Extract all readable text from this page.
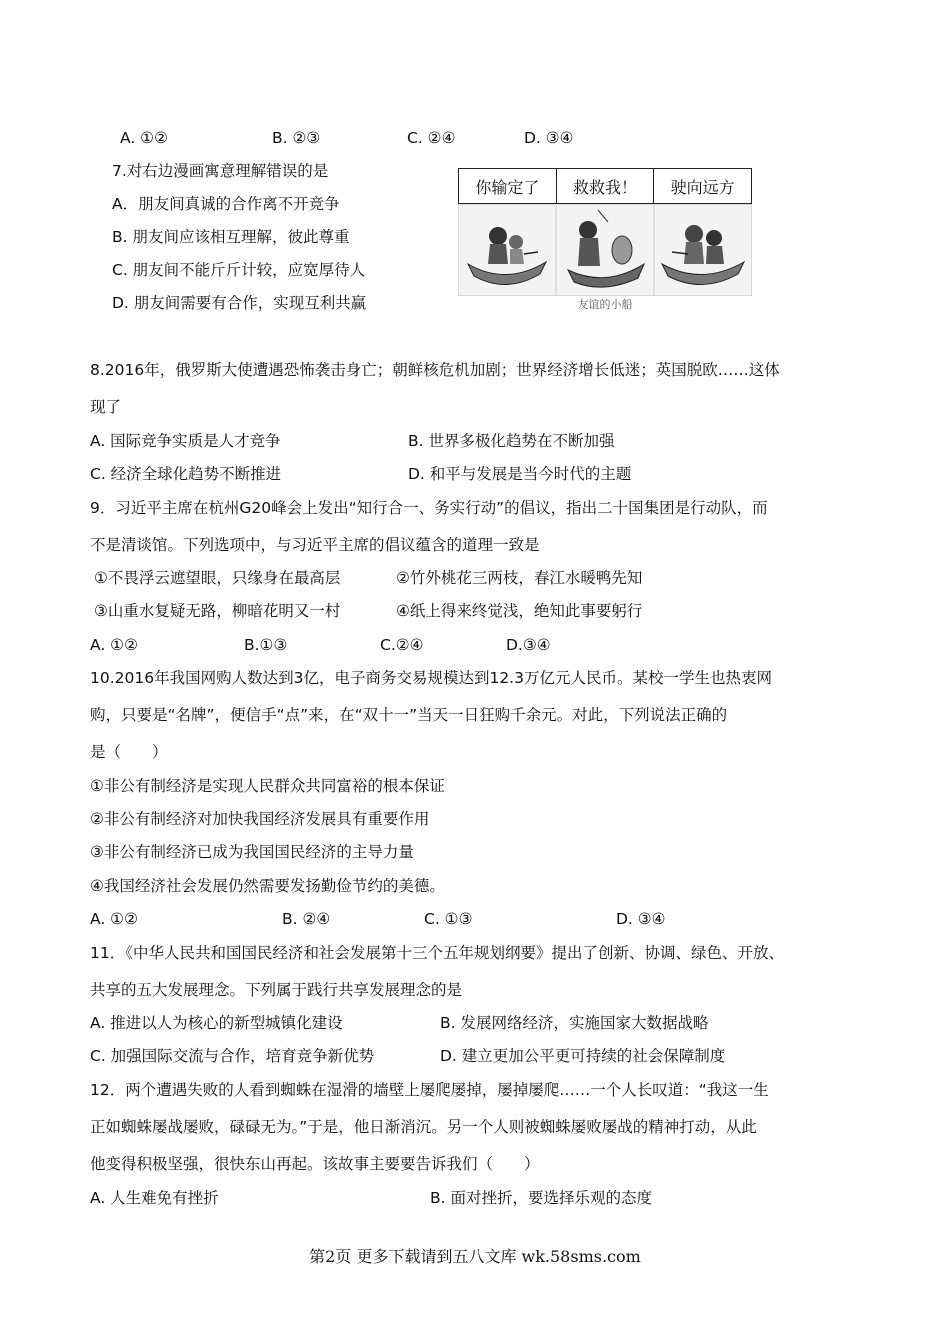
A. ①②	B. ②③	C. ②④	D. ③④
7.对右边漫画寓意理解错误的是
A．朋友间真诚的合作离不开竞争
B. 朋友间应该相互理解，彼此尊重
C. 朋友间不能斤斤计较，应宽厚待人
D. 朋友间需要有合作，实现互利共赢
你输定了	救救我！	驶向远方
友谊的小船
8.2016年，俄罗斯大使遭遇恐怖袭击身亡；朝鲜核危机加剧；世界经济增长低迷；英国脱欧……这体
现了
A. 国际竞争实质是人才竞争	B. 世界多极化趋势在不断加强
C. 经济全球化趋势不断推进	D. 和平与发展是当今时代的主题
9．习近平主席在杭州G20峰会上发出“知行合一、务实行动”的倡议，指出二十国集团是行动队，而
不是清谈馆。下列选项中，与习近平主席的倡议蕴含的道理一致是
①不畏浮云遮望眼，只缘身在最高层	②竹外桃花三两枝，春江水暖鸭先知
③山重水复疑无路，柳暗花明又一村	④纸上得来终觉浅，绝知此事要躬行
A. ①②	B.①③	C.②④	D.③④
10.2016年我国网购人数达到3亿，电子商务交易规模达到12.3万亿元人民币。某校一学生也热衷网
购，只要是“名牌”，便信手“点”来，在“双十一”当天一日狂购千余元。对此，下列说法正确的
是（　　）
①非公有制经济是实现人民群众共同富裕的根本保证
②非公有制经济对加快我国经济发展具有重要作用
③非公有制经济已成为我国国民经济的主导力量
④我国经济社会发展仍然需要发扬勤俭节约的美德。
A. ①②	B. ②④	C. ①③	D. ③④
11．《中华人民共和国国民经济和社会发展第十三个五年规划纲要》提出了创新、协调、绿色、开放、
共享的五大发展理念。下列属于践行共享发展理念的是
A. 推进以人为核心的新型城镇化建设	B. 发展网络经济，实施国家大数据战略
C. 加强国际交流与合作，培育竞争新优势	D. 建立更加公平更可持续的社会保障制度
12．两个遭遇失败的人看到蜘蛛在湿滑的墙壁上屡爬屡掉，屡掉屡爬……一个人长叹道：“我这一生
正如蜘蛛屡战屡败，碌碌无为。”于是，他日渐消沉。另一个人则被蜘蛛屡败屡战的精神打动，从此
他变得积极坚强，很快东山再起。该故事主要要告诉我们（　　）
A. 人生难免有挫折	B. 面对挫折，要选择乐观的态度
第2页 更多下载请到五八文库 wk.58sms.com
